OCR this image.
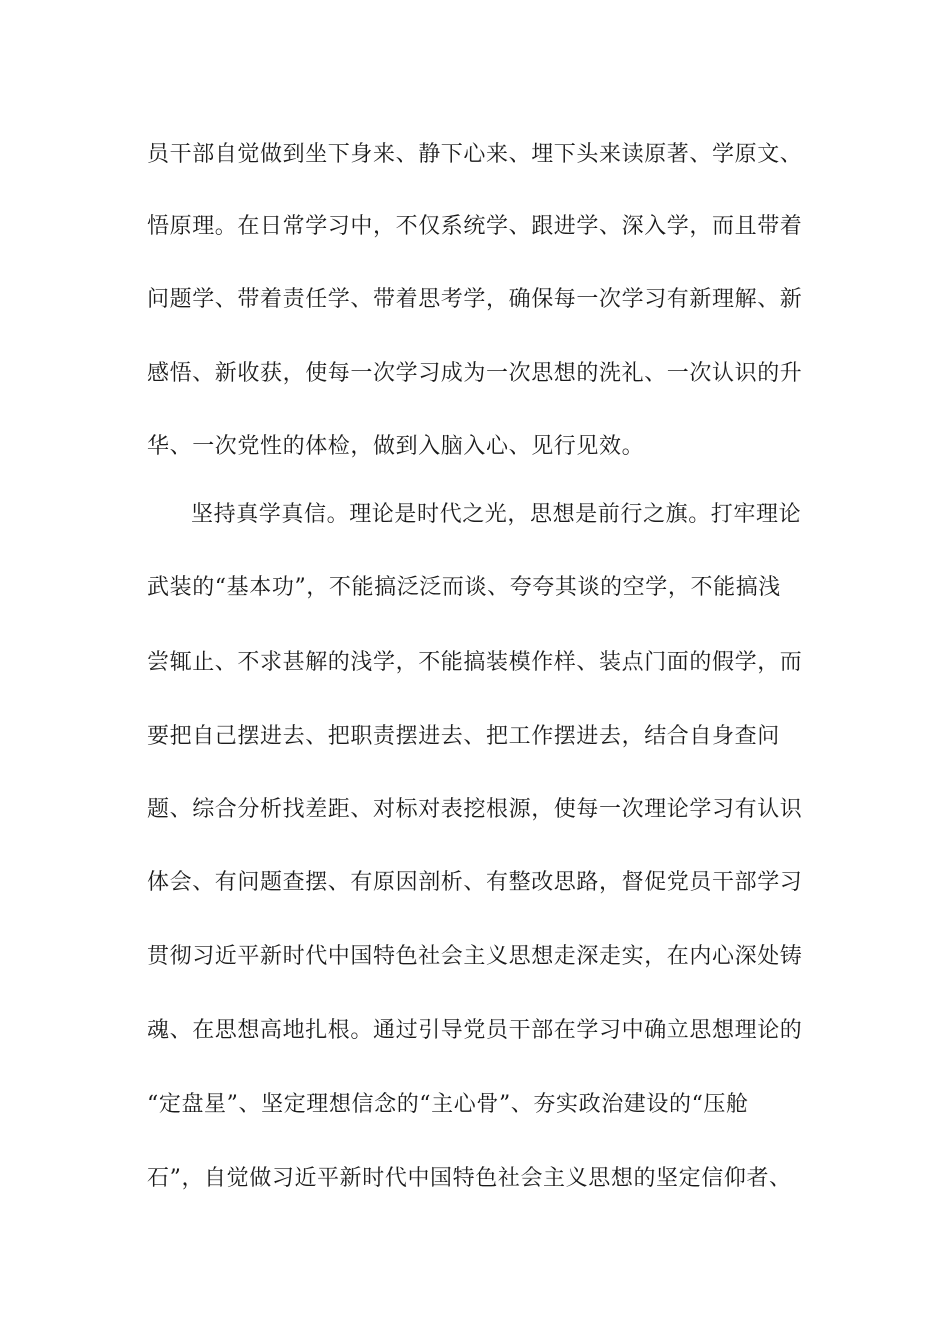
员干部自觉做到坐下身来、静下心来、埋下头来读原著、学原文、
悟原理。在日常学习中，不仅系统学、跟进学、深入学，而且带着
问题学、带着责任学、带着思考学，确保每一次学习有新理解、新
感悟、新收获，使每一次学习成为一次思想的洗礼、一次认识的升
华、一次党性的体检，做到入脑入心、见行见效。
坚持真学真信。理论是时代之光，思想是前行之旗。打牢理论
武装的“基本功”，不能搞泛泛而谈、夸夸其谈的空学，不能搞浅
尝辄止、不求甚解的浅学，不能搞装模作样、装点门面的假学，而
要把自己摆进去、把职责摆进去、把工作摆进去，结合自身查问
题、综合分析找差距、对标对表挖根源，使每一次理论学习有认识
体会、有问题查摆、有原因剖析、有整改思路，督促党员干部学习
贯彻习近平新时代中国特色社会主义思想走深走实，在内心深处铸
魂、在思想高地扎根。通过引导党员干部在学习中确立思想理论的
“定盘星”、坚定理想信念的“主心骨”、夯实政治建设的“压舱
石”，自觉做习近平新时代中国特色社会主义思想的坚定信仰者、
